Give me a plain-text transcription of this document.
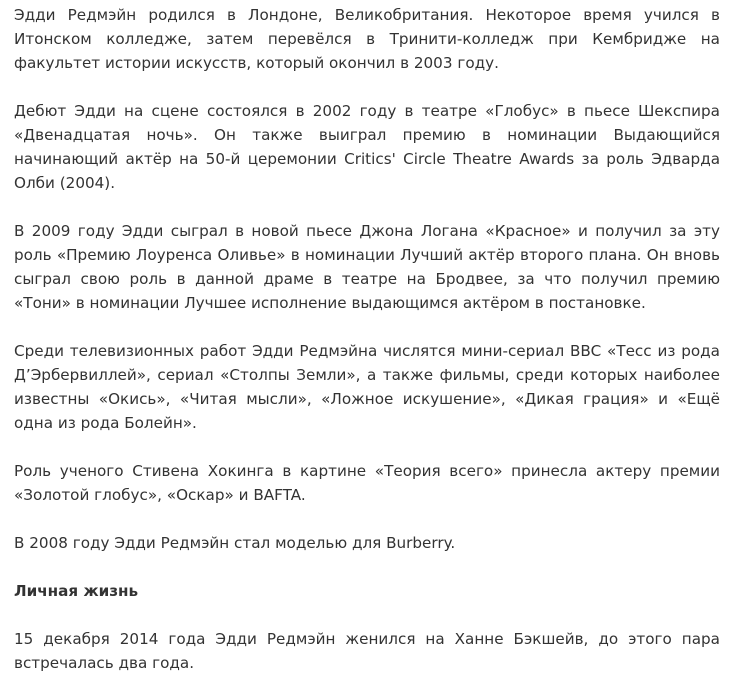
Эдди Редмэйн родился в Лондоне, Великобритания. Некоторое время учился в Итонском колледже, затем перевёлся в Тринити-колледж при Кембридже на факультет истории искусств, который окончил в 2003 году.

Дебют Эдди на сцене состоялся в 2002 году в театре «Глобус» в пьесе Шекспира «Двенадцатая ночь». Он также выиграл премию в номинации Выдающийся начинающий актёр на 50-й церемонии Critics' Circle Theatre Awards за роль Эдварда Олби (2004).

В 2009 году Эдди сыграл в новой пьесе Джона Логана «Красное» и получил за эту роль «Премию Лоуренса Оливье» в номинации Лучший актёр второго плана. Он вновь сыграл свою роль в данной драме в театре на Бродвее, за что получил премию «Тони» в номинации Лучшее исполнение выдающимся актёром в постановке.

Среди телевизионных работ Эдди Редмэйна числятся мини-сериал BBC «Тесс из рода Д’Эрбервиллей», сериал «Столпы Земли», а также фильмы, среди которых наиболее известны «Окись», «Читая мысли», «Ложное искушение», «Дикая грация» и «Ещё одна из рода Болейн».

Роль ученого Стивена Хокинга в картине «Теория всего» принесла актеру премии «Золотой глобус», «Оскар» и BAFTA.

В 2008 году Эдди Редмэйн стал моделью для Burberry.

Личная жизнь

15 декабря 2014 года Эдди Редмэйн женился на Ханне Бэкшейв, до этого пара встречалась два года.
